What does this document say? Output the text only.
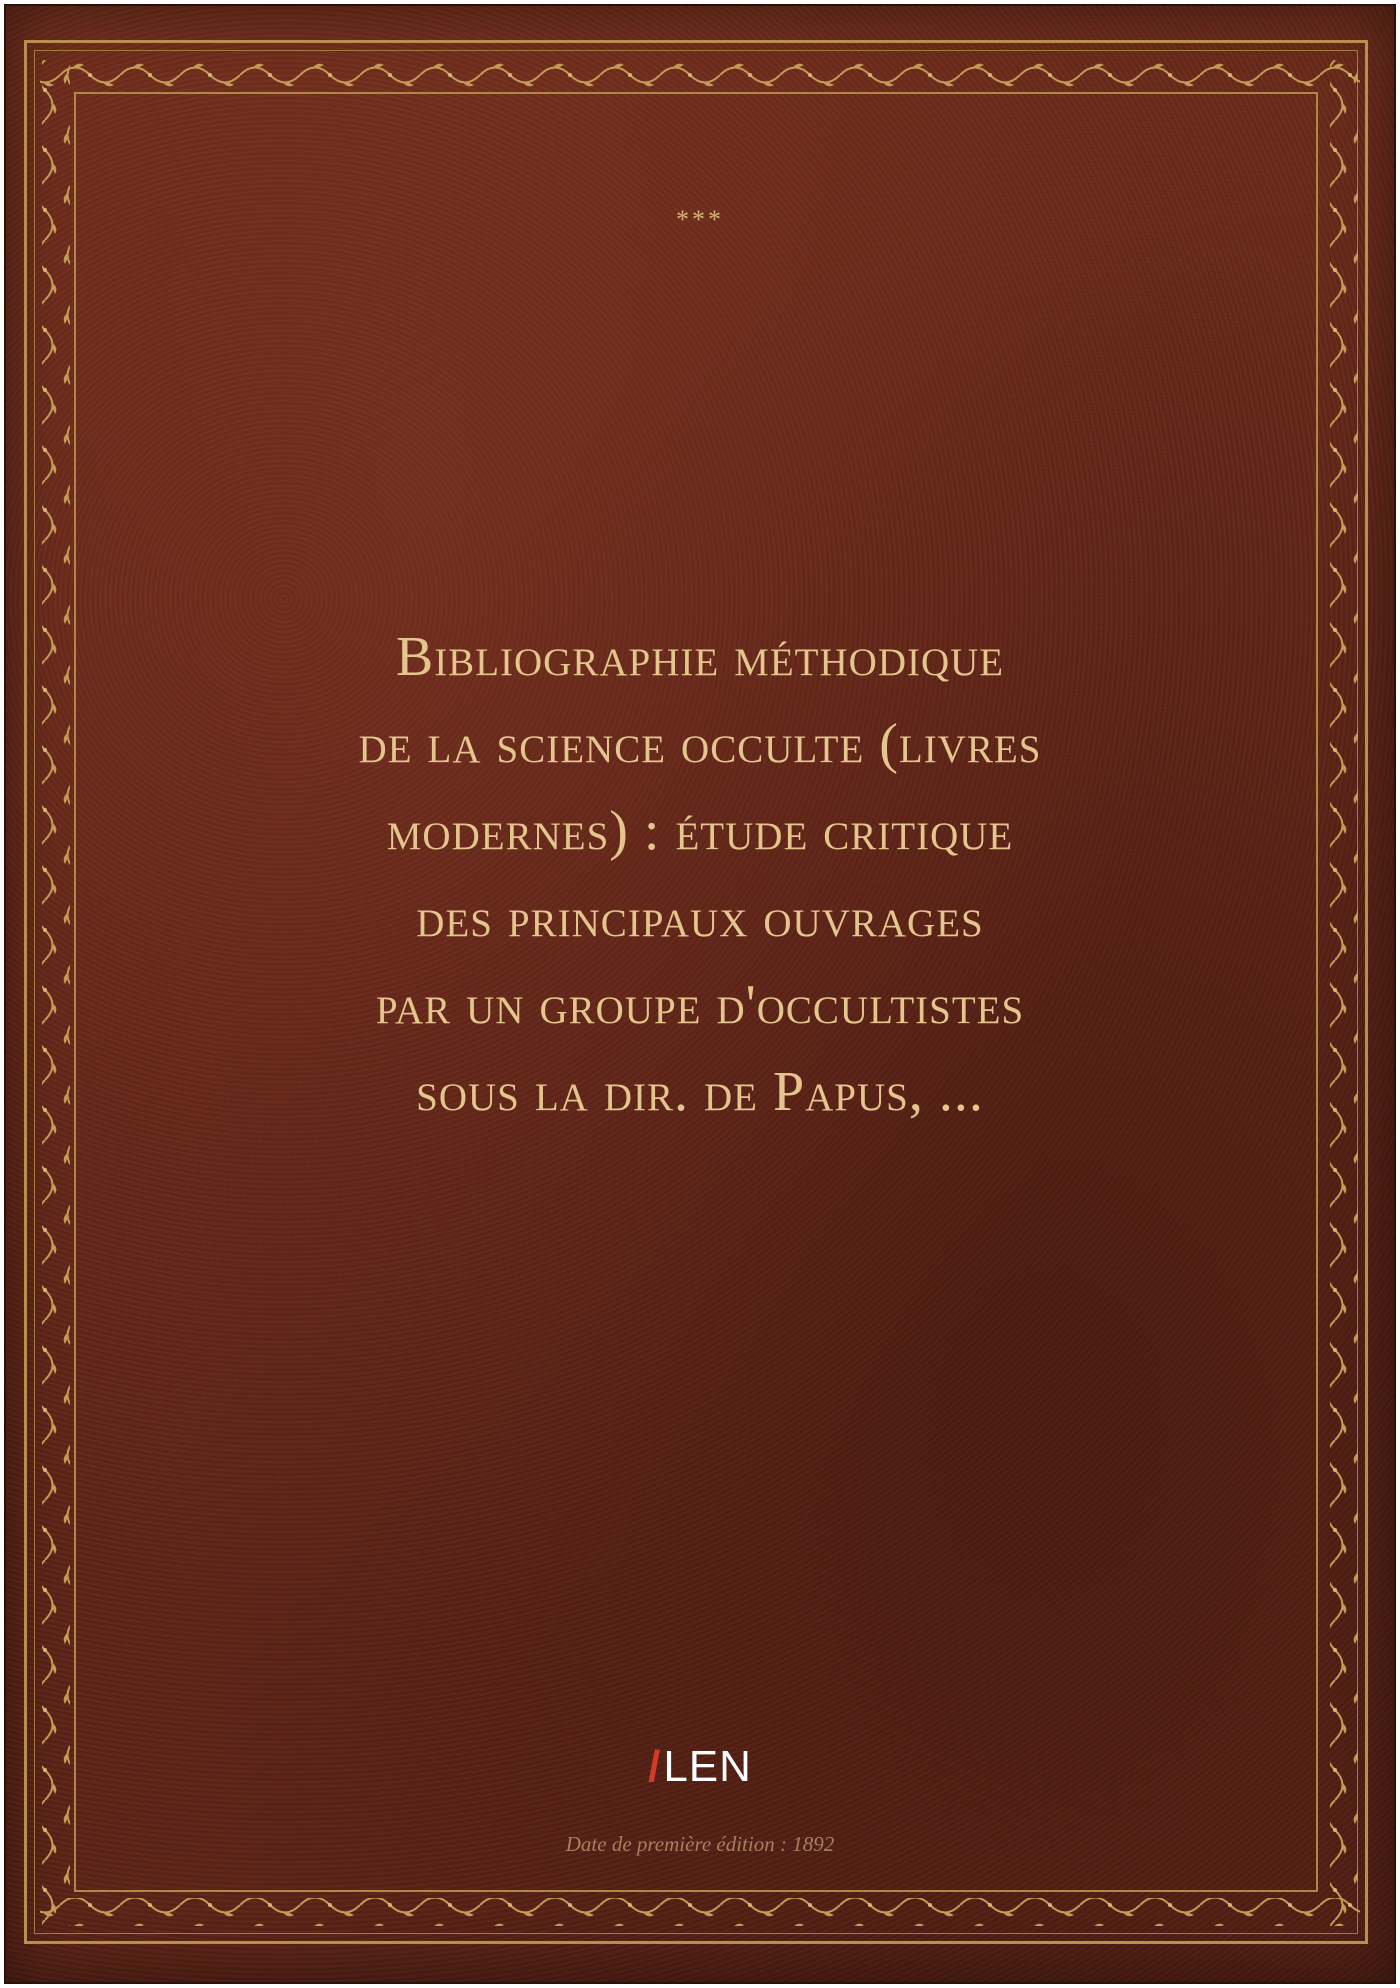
***
Bibliographie méthodique
de la science occulte (livres
modernes) : étude critique
des principaux ouvrages
par un groupe d'occultistes
sous la dir. de Papus, ...
Date de première édition : 1892
/LEN
